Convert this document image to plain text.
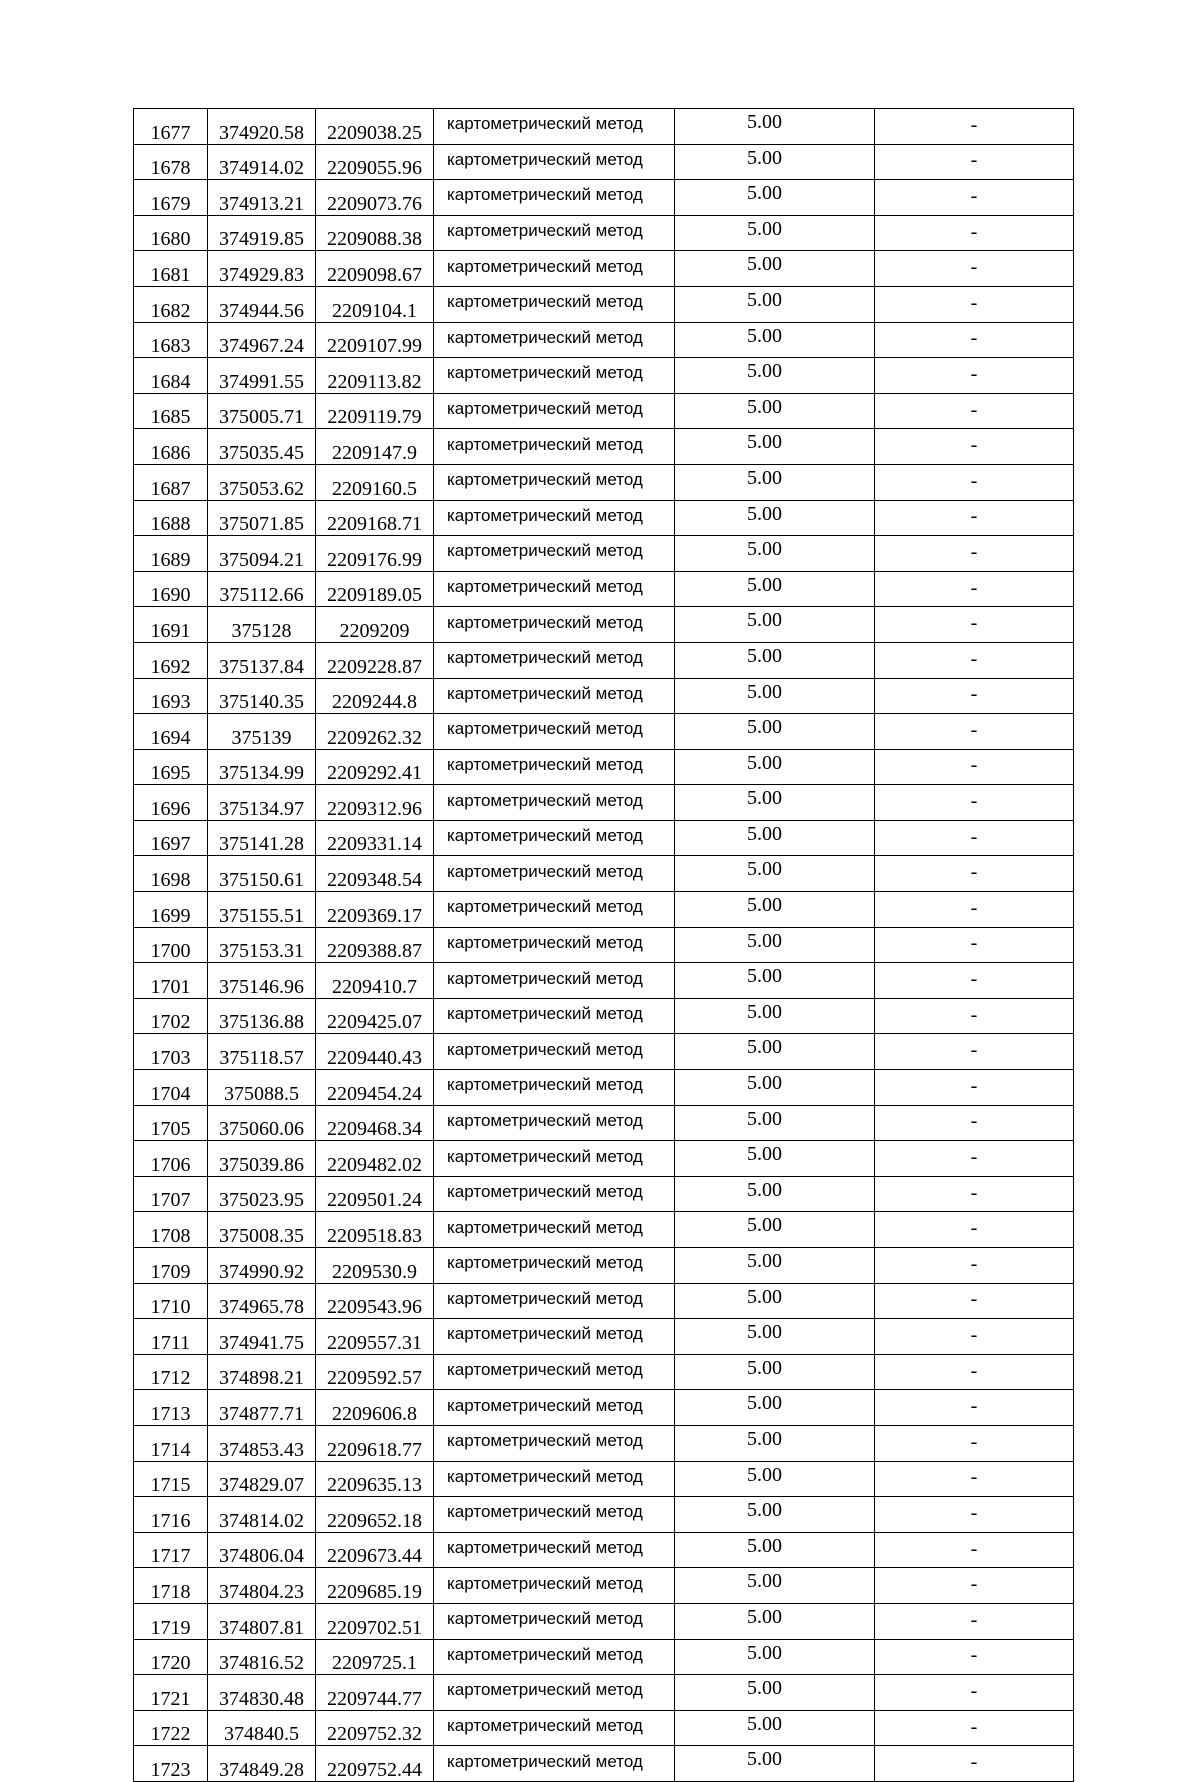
1677	374920.58	2209038.25	картометрический метод	5.00	-
1678	374914.02	2209055.96	картометрический метод	5.00	-
1679	374913.21	2209073.76	картометрический метод	5.00	-
1680	374919.85	2209088.38	картометрический метод	5.00	-
1681	374929.83	2209098.67	картометрический метод	5.00	-
1682	374944.56	2209104.1	картометрический метод	5.00	-
1683	374967.24	2209107.99	картометрический метод	5.00	-
1684	374991.55	2209113.82	картометрический метод	5.00	-
1685	375005.71	2209119.79	картометрический метод	5.00	-
1686	375035.45	2209147.9	картометрический метод	5.00	-
1687	375053.62	2209160.5	картометрический метод	5.00	-
1688	375071.85	2209168.71	картометрический метод	5.00	-
1689	375094.21	2209176.99	картометрический метод	5.00	-
1690	375112.66	2209189.05	картометрический метод	5.00	-
1691	375128	2209209	картометрический метод	5.00	-
1692	375137.84	2209228.87	картометрический метод	5.00	-
1693	375140.35	2209244.8	картометрический метод	5.00	-
1694	375139	2209262.32	картометрический метод	5.00	-
1695	375134.99	2209292.41	картометрический метод	5.00	-
1696	375134.97	2209312.96	картометрический метод	5.00	-
1697	375141.28	2209331.14	картометрический метод	5.00	-
1698	375150.61	2209348.54	картометрический метод	5.00	-
1699	375155.51	2209369.17	картометрический метод	5.00	-
1700	375153.31	2209388.87	картометрический метод	5.00	-
1701	375146.96	2209410.7	картометрический метод	5.00	-
1702	375136.88	2209425.07	картометрический метод	5.00	-
1703	375118.57	2209440.43	картометрический метод	5.00	-
1704	375088.5	2209454.24	картометрический метод	5.00	-
1705	375060.06	2209468.34	картометрический метод	5.00	-
1706	375039.86	2209482.02	картометрический метод	5.00	-
1707	375023.95	2209501.24	картометрический метод	5.00	-
1708	375008.35	2209518.83	картометрический метод	5.00	-
1709	374990.92	2209530.9	картометрический метод	5.00	-
1710	374965.78	2209543.96	картометрический метод	5.00	-
1711	374941.75	2209557.31	картометрический метод	5.00	-
1712	374898.21	2209592.57	картометрический метод	5.00	-
1713	374877.71	2209606.8	картометрический метод	5.00	-
1714	374853.43	2209618.77	картометрический метод	5.00	-
1715	374829.07	2209635.13	картометрический метод	5.00	-
1716	374814.02	2209652.18	картометрический метод	5.00	-
1717	374806.04	2209673.44	картометрический метод	5.00	-
1718	374804.23	2209685.19	картометрический метод	5.00	-
1719	374807.81	2209702.51	картометрический метод	5.00	-
1720	374816.52	2209725.1	картометрический метод	5.00	-
1721	374830.48	2209744.77	картометрический метод	5.00	-
1722	374840.5	2209752.32	картометрический метод	5.00	-
1723	374849.28	2209752.44	картометрический метод	5.00	-
